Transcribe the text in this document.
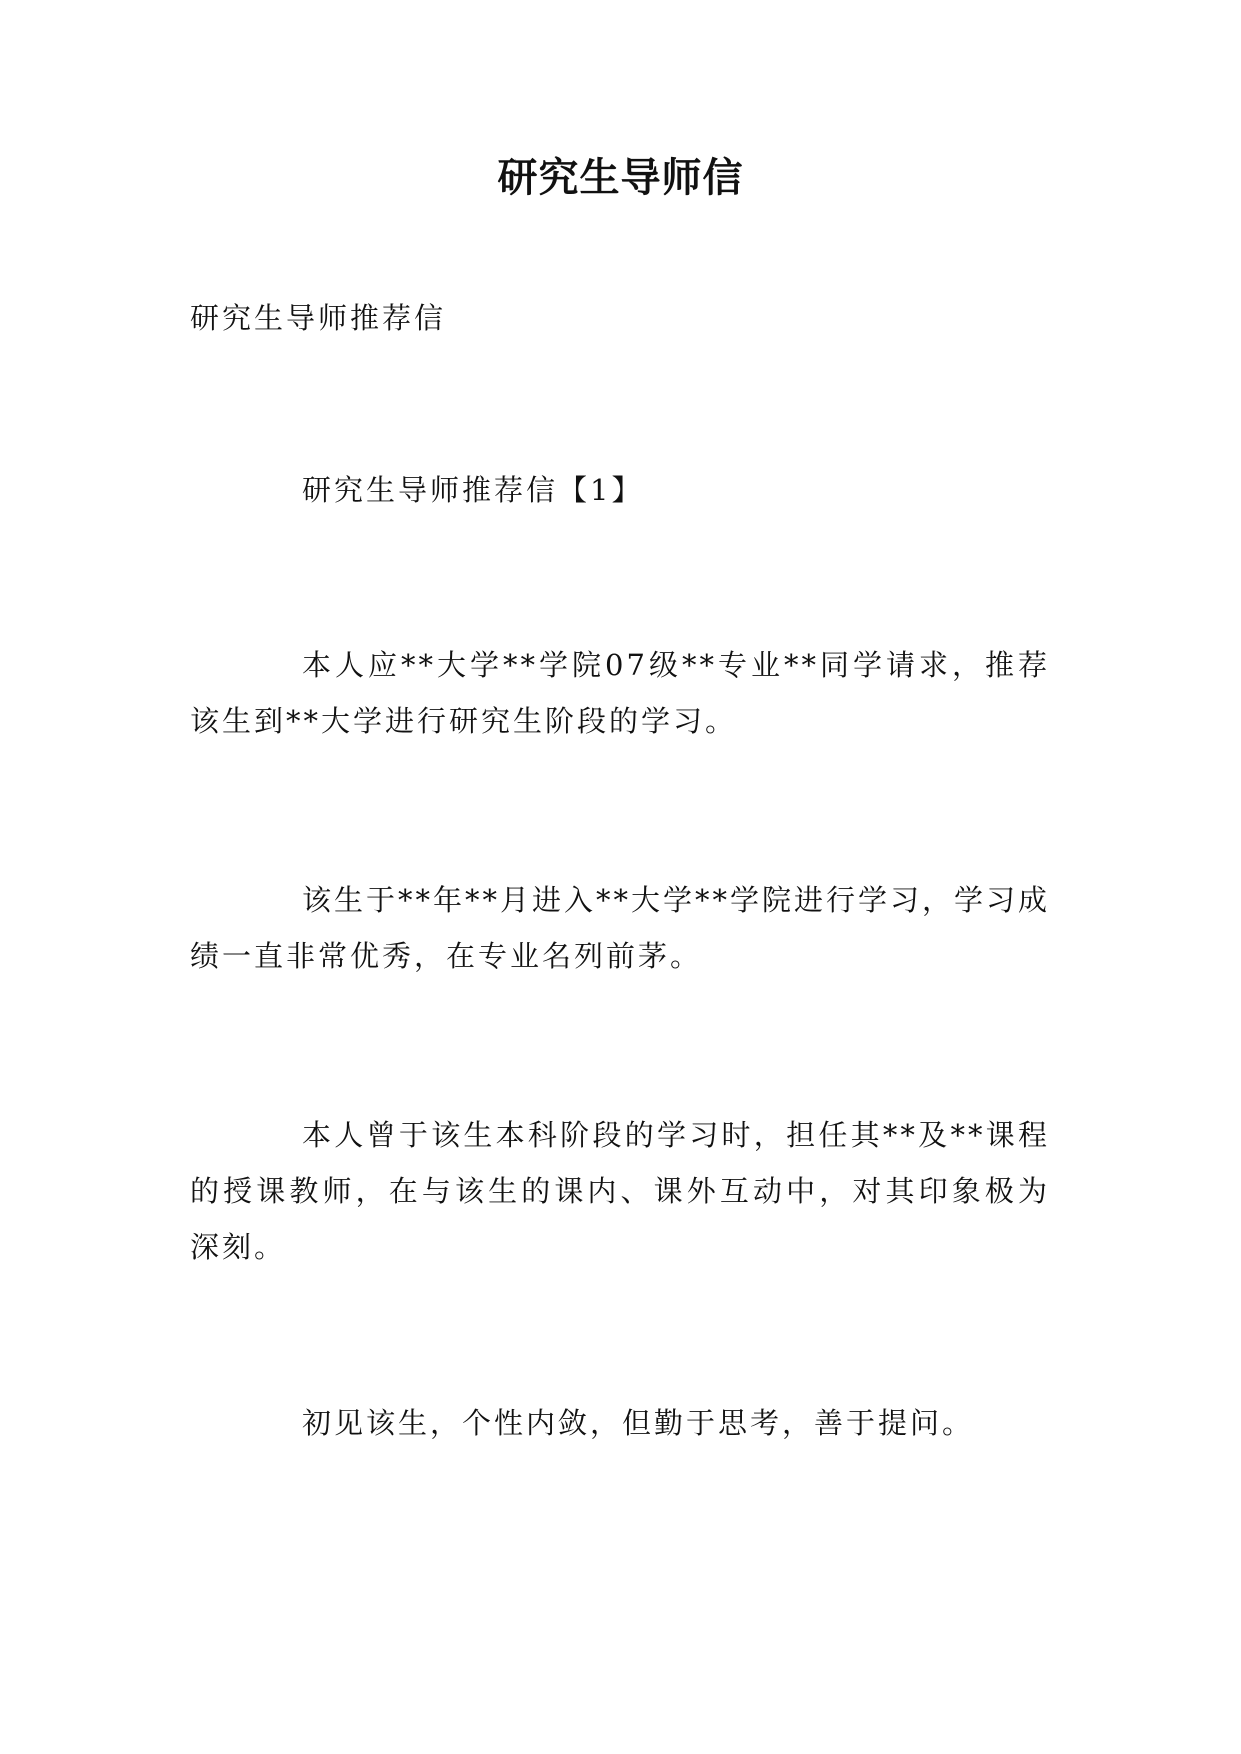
研究生导师信
研究生导师推荐信
研究生导师推荐信【1】
本人应**大学**学院07级**专业**同学请求，推荐该生到**大学进行研究生阶段的学习。
该生于**年**月进入**大学**学院进行学习，学习成绩一直非常优秀，在专业名列前茅。
本人曾于该生本科阶段的学习时，担任其**及**课程的授课教师，在与该生的课内、课外互动中，对其印象极为深刻。
初见该生，个性内敛，但勤于思考，善于提问。
